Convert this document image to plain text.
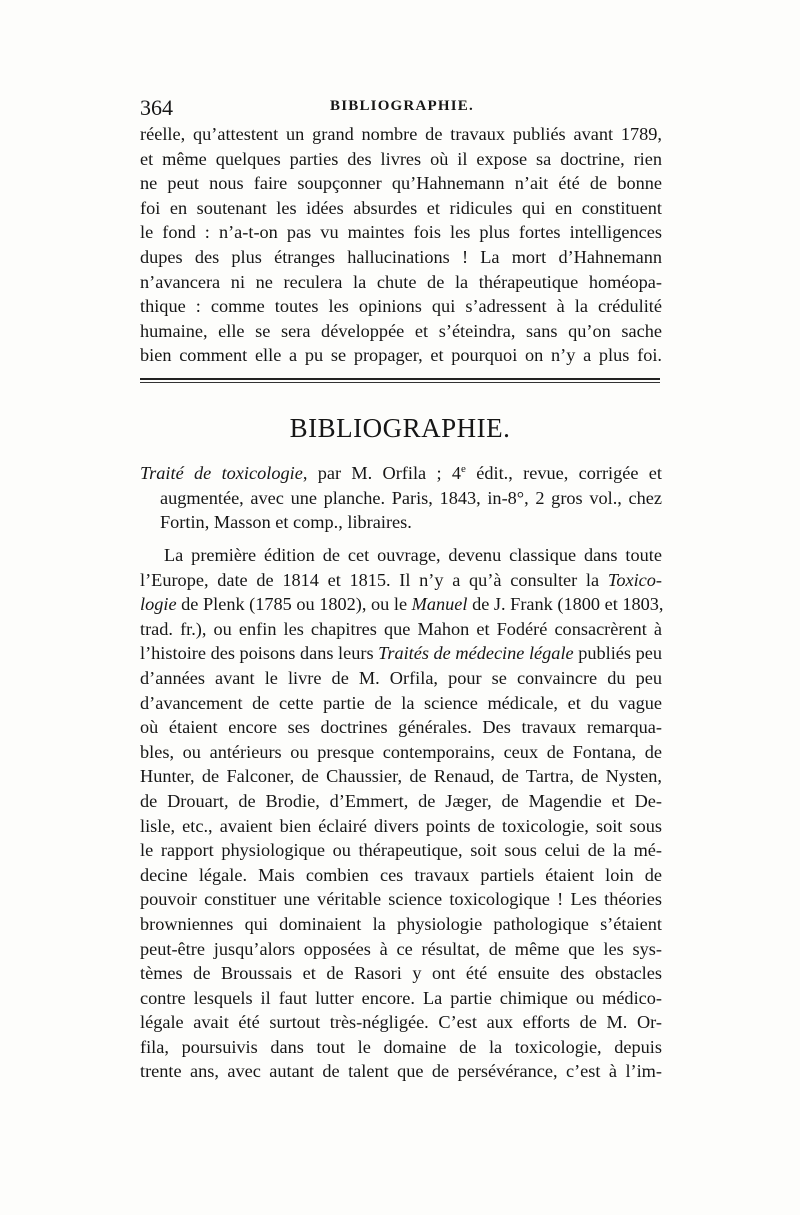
364	BIBLIOGRAPHIE.
réelle, qu’attestent un grand nombre de travaux publiés avant 1789,
et même quelques parties des livres où il expose sa doctrine, rien
ne peut nous faire soupçonner qu’Hahnemann n’ait été de bonne
foi en soutenant les idées absurdes et ridicules qui en constituent
le fond : n’a-t-on pas vu maintes fois les plus fortes intelligences
dupes des plus étranges hallucinations ! La mort d’Hahnemann
n’avancera ni ne reculera la chute de la thérapeutique homéopa-
thique : comme toutes les opinions qui s’adressent à la crédulité
humaine, elle se sera développée et s’éteindra, sans qu’on sache
bien comment elle a pu se propager, et pourquoi on n’y a plus foi.
BIBLIOGRAPHIE.
Traité de toxicologie, par M. Orfila ; 4e édit., revue, corrigée et
augmentée, avec une planche. Paris, 1843, in-8°, 2 gros vol., chez
Fortin, Masson et comp., libraires.
La première édition de cet ouvrage, devenu classique dans toute
l’Europe, date de 1814 et 1815. Il n’y a qu’à consulter la Toxico-
logie de Plenk (1785 ou 1802), ou le Manuel de J. Frank (1800 et 1803,
trad. fr.), ou enfin les chapitres que Mahon et Fodéré consacrèrent à
l’histoire des poisons dans leurs Traités de médecine légale publiés peu
d’années avant le livre de M. Orfila, pour se convaincre du peu
d’avancement de cette partie de la science médicale, et du vague
où étaient encore ses doctrines générales. Des travaux remarqua-
bles, ou antérieurs ou presque contemporains, ceux de Fontana, de
Hunter, de Falconer, de Chaussier, de Renaud, de Tartra, de Nysten,
de Drouart, de Brodie, d’Emmert, de Jæger, de Magendie et De-
lisle, etc., avaient bien éclairé divers points de toxicologie, soit sous
le rapport physiologique ou thérapeutique, soit sous celui de la mé-
decine légale. Mais combien ces travaux partiels étaient loin de
pouvoir constituer une véritable science toxicologique ! Les théories
browniennes qui dominaient la physiologie pathologique s’étaient
peut-être jusqu’alors opposées à ce résultat, de même que les sys-
tèmes de Broussais et de Rasori y ont été ensuite des obstacles
contre lesquels il faut lutter encore. La partie chimique ou médico-
légale avait été surtout très-négligée. C’est aux efforts de M. Or-
fila, poursuivis dans tout le domaine de la toxicologie, depuis
trente ans, avec autant de talent que de persévérance, c’est à l’im-
